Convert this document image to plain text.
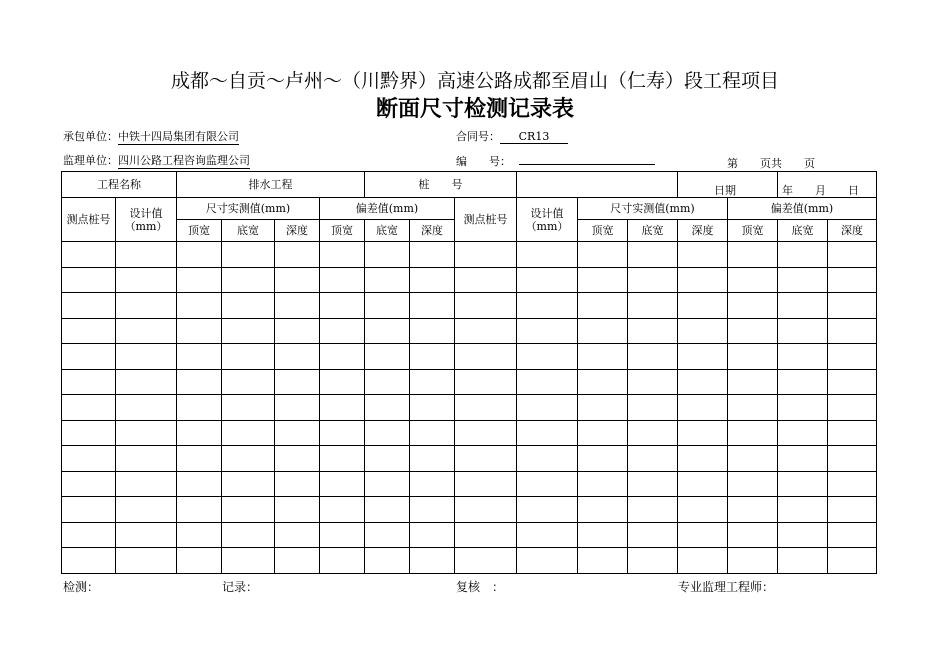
成都～自贡～卢州～（川黔界）高速公路成都至眉山（仁寿）段工程项目
断面尺寸检测记录表
承包单位：中铁十四局集团有限公司	合同号： CR13
监理单位：四川公路工程咨询监理公司	编　　号：	第　　页共　　页
工程名称		排水工程				桩　　号						日期		年　　月　　日	
测点桩号	设计值（mm）	尺寸实测值(mm)			偏差值(mm)			测点桩号	设计值（mm）	尺寸实测值(mm)			偏差值(mm)		
		顶宽	底宽	深度	顶宽	底宽	深度			顶宽	底宽	深度	顶宽	底宽	深度

检测：	记录：	复核　：	专业监理工程师：
